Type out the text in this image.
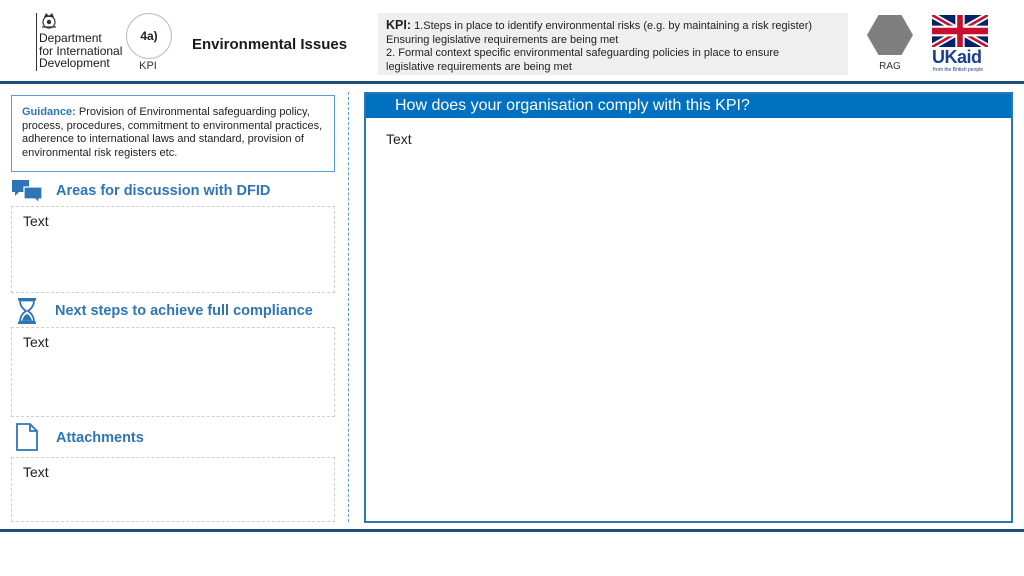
Department
for International
Development
4a)
KPI
Environmental Issues
KPI: 1.Steps in place to identify environmental risks (e.g. by maintaining a risk register)
Ensuring legislative requirements are being met
2. Formal context specific environmental safeguarding policies in place to ensure
legislative requirements are being met	RAG	UKaid
from the British people
Guidance: Provision of Environmental safeguarding policy, process, procedures, commitment to environmental practices, adherence to international laws and standard, provision of environmental risk registers etc.
Areas for discussion with DFID
Text
Next steps to achieve full compliance
Text
Attachments
Text
How does your organisation comply with this KPI?
Text
